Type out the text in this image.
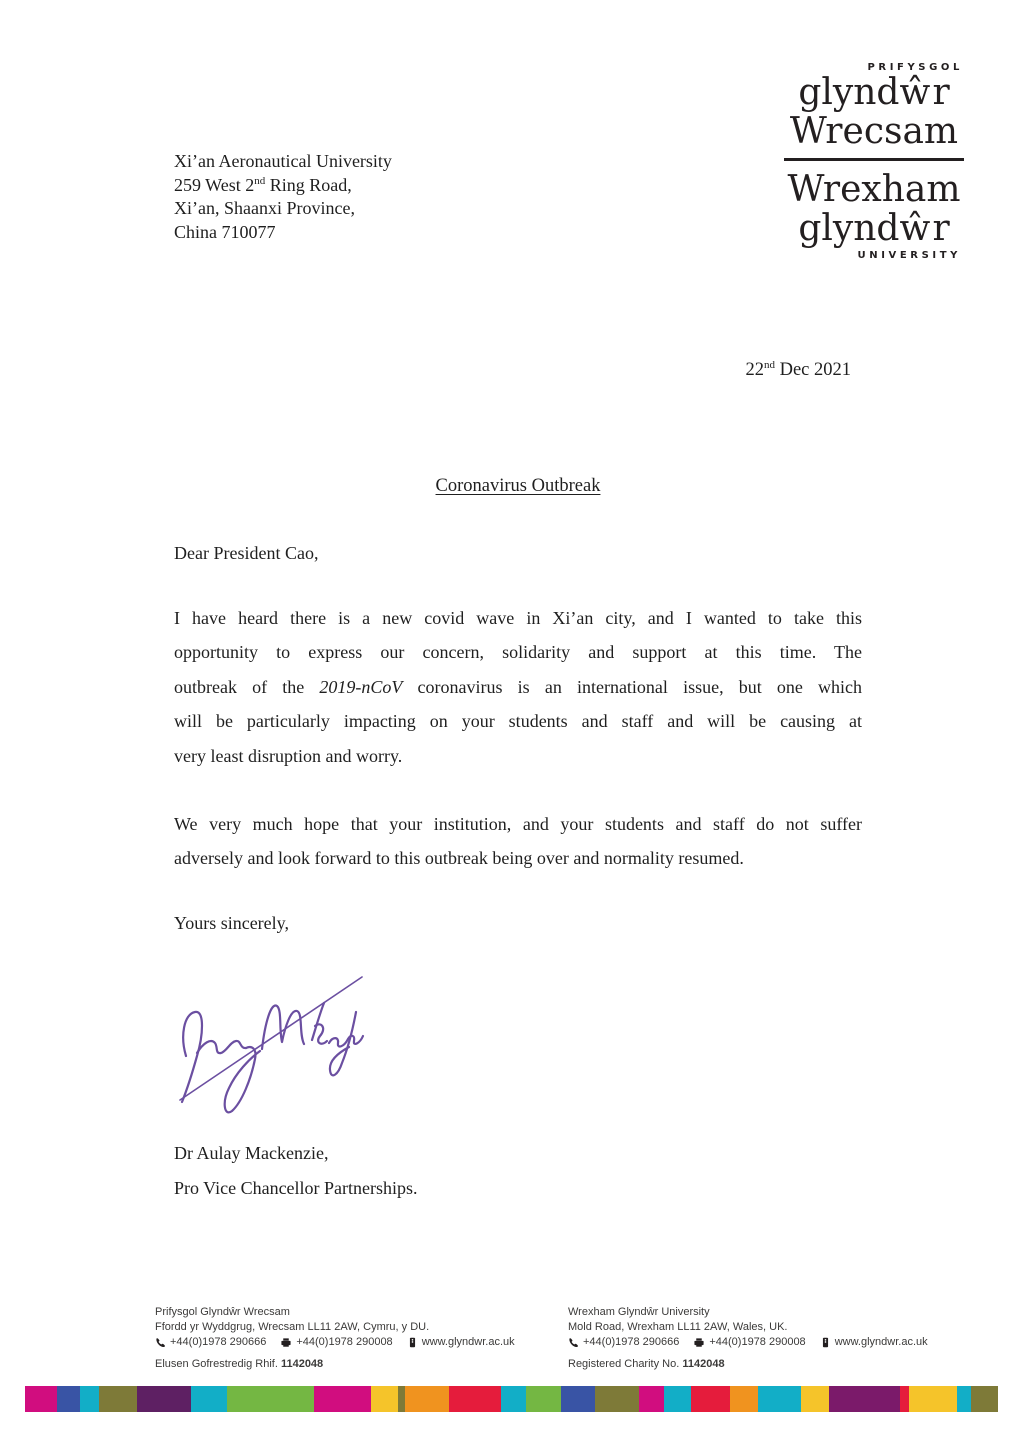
PRIFYSGOL
glyndŵr
Wrecsam
Wrexham
glyndŵr
UNIVERSITY
Xi’an Aeronautical University
259 West 2nd Ring Road,
Xi’an, Shaanxi Province,
China 710077
22nd Dec 2021
Coronavirus Outbreak
Dear President Cao,
I have heard there is a new covid wave in Xi’an city, and I wanted to take this
opportunity to express our concern, solidarity and support at this time. The
outbreak of the 2019-nCoV coronavirus is an international issue, but one which
will be particularly impacting on your students and staff and will be causing at
very least disruption and worry.
We very much hope that your institution, and your students and staff do not suffer
adversely and look forward to this outbreak being over and normality resumed.
Yours sincerely,
Dr Aulay Mackenzie,
Pro Vice Chancellor Partnerships.
Prifysgol Glyndŵr Wrecsam
Ffordd yr Wyddgrug, Wrecsam LL11 2AW, Cymru, y DU.
+44(0)1978 290666	+44(0)1978 290008	www.glyndwr.ac.uk
Elusen Gofrestredig Rhif. 1142048
Wrexham Glyndŵr University
Mold Road, Wrexham LL11 2AW, Wales, UK.
+44(0)1978 290666	+44(0)1978 290008	www.glyndwr.ac.uk
Registered Charity No. 1142048
